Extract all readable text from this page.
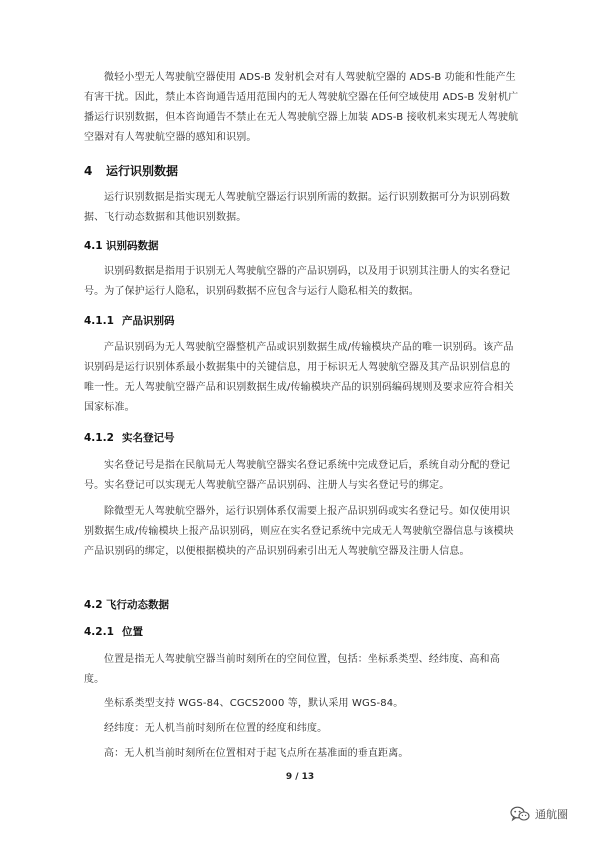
微轻小型无人驾驶航空器使用 ADS-B 发射机会对有人驾驶航空器的 ADS-B 功能和性能产生有害干扰。因此，禁止本咨询通告适用范围内的无人驾驶航空器在任何空域使用 ADS-B 发射机广播运行识别数据，但本咨询通告不禁止在无人驾驶航空器上加装 ADS-B 接收机来实现无人驾驶航空器对有人驾驶航空器的感知和识别。

4 运行识别数据

运行识别数据是指实现无人驾驶航空器运行识别所需的数据。运行识别数据可分为识别码数据、飞行动态数据和其他识别数据。

4.1 识别码数据

识别码数据是指用于识别无人驾驶航空器的产品识别码，以及用于识别其注册人的实名登记号。为了保护运行人隐私，识别码数据不应包含与运行人隐私相关的数据。

4.1.1 产品识别码

产品识别码为无人驾驶航空器整机产品或识别数据生成/传输模块产品的唯一识别码。该产品识别码是运行识别体系最小数据集中的关键信息，用于标识无人驾驶航空器及其产品识别信息的唯一性。无人驾驶航空器产品和识别数据生成/传输模块产品的识别码编码规则及要求应符合相关国家标准。

4.1.2 实名登记号

实名登记号是指在民航局无人驾驶航空器实名登记系统中完成登记后，系统自动分配的登记号。实名登记可以实现无人驾驶航空器产品识别码、注册人与实名登记号的绑定。

除微型无人驾驶航空器外，运行识别体系仅需要上报产品识别码或实名登记号。如仅使用识别数据生成/传输模块上报产品识别码，则应在实名登记系统中完成无人驾驶航空器信息与该模块产品识别码的绑定，以便根据模块的产品识别码索引出无人驾驶航空器及注册人信息。

4.2 飞行动态数据
4.2.1 位置

位置是指无人驾驶航空器当前时刻所在的空间位置，包括：坐标系类型、经纬度、高和高度。

坐标系类型支持 WGS-84、CGCS2000 等，默认采用 WGS-84。

经纬度：无人机当前时刻所在位置的经度和纬度。

高：无人机当前时刻所在位置相对于起飞点所在基准面的垂直距离。

9 / 13
通航圈
